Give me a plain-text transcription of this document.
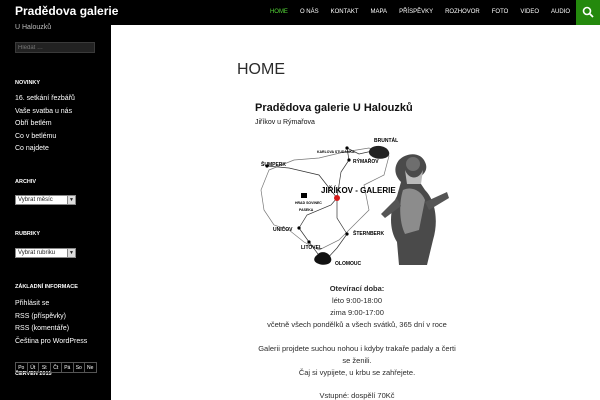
Pradědova galerie	HOME	O NÁS	KONTAKT	MAPA	PŘÍSPĚVKY	ROZHOVOR	FOTO	VIDEO	AUDIO
U Halouzků
Hledat …
NOVINKY
16. setkání řezbářů
Vaše svatba u nás
Obří betlém
Co v betlému
Co najdete
ARCHIV
Vybrat měsíc	▼
RUBRIKY
Vybrat rubriku	▼
ZÁKLADNÍ INFORMACE
Přihlásit se
RSS (příspěvky)
RSS (komentáře)
Čeština pro WordPress
ČERVEN 2015
Po	Út	St	Čt	Pá	So	Ne
HOME
Pradědova galerie U Halouzků
Jiříkov u Rýmařova
BRUNTÁL
KARLOVA STUDÁNKA
ŠUMPERK	RÝMAŘOV
JIŘÍKOV - GALERIE
HRAD SOVINEC
PASEKA
UNIČOV
ŠTERNBERK
LITOVEL
OLOMOUC
Otevírací doba:
léto 9:00-18:00
zima 9:00-17:00
včetně všech pondělků a všech svátků, 365 dní v roce
Galerii projdete suchou nohou i kdyby trakaře padaly a čerti
se ženili.
Čaj si vypijete, u krbu se zahřejete.
Vstupné: dospělí 70Kč
